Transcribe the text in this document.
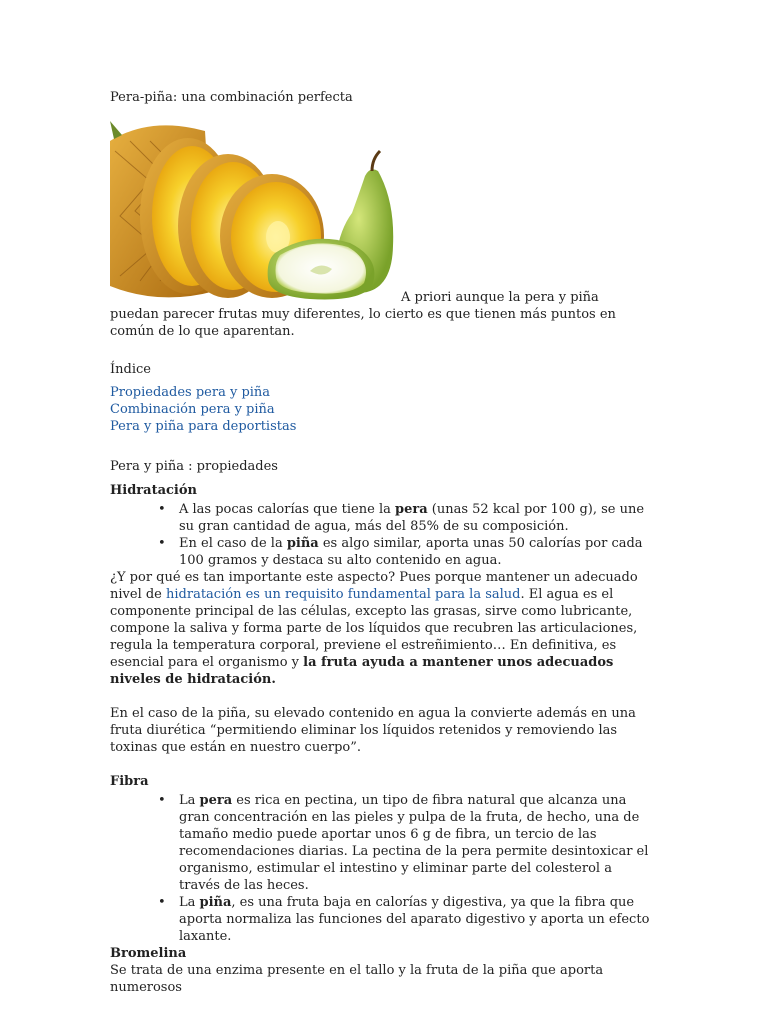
Pera-piña: una combinación perfecta
A priori aunque la pera y piña puedan parecer frutas muy diferentes, lo cierto es que tienen más puntos en común de lo que aparentan.
Índice
Propiedades pera y piña
Combinación pera y piña
Pera y piña para deportistas
Pera y piña : propiedades
Hidratación
• A las pocas calorías que tiene la pera (unas 52 kcal por 100 g), se une su gran cantidad de agua, más del 85% de su composición.
• En el caso de la piña es algo similar, aporta unas 50 calorías por cada 100 gramos y destaca su alto contenido en agua.

¿Y por qué es tan importante este aspecto? Pues porque mantener un adecuado nivel de hidratación es un requisito fundamental para la salud. El agua es el componente principal de las células, excepto las grasas, sirve como lubricante, compone la saliva y forma parte de los líquidos que recubren las articulaciones, regula la temperatura corporal, previene el estreñimiento… En definitiva, es esencial para el organismo y la fruta ayuda a mantener unos adecuados niveles de hidratación.

En el caso de la piña, su elevado contenido en agua la convierte además en una fruta diurética “permitiendo eliminar los líquidos retenidos y removiendo las toxinas que están en nuestro cuerpo”.

Fibra
• La pera es rica en pectina, un tipo de fibra natural que alcanza una gran concentración en las pieles y pulpa de la fruta, de hecho, una de tamaño medio puede aportar unos 6 g de fibra, un tercio de las recomendaciones diarias. La pectina de la pera permite desintoxicar el organismo, estimular el intestino y eliminar parte del colesterol a través de las heces.
• La piña, es una fruta baja en calorías y digestiva, ya que la fibra que aporta normaliza las funciones del aparato digestivo y aporta un efecto laxante.
Bromelina

Se trata de una enzima presente en el tallo y la fruta de la piña que aporta numerosos
